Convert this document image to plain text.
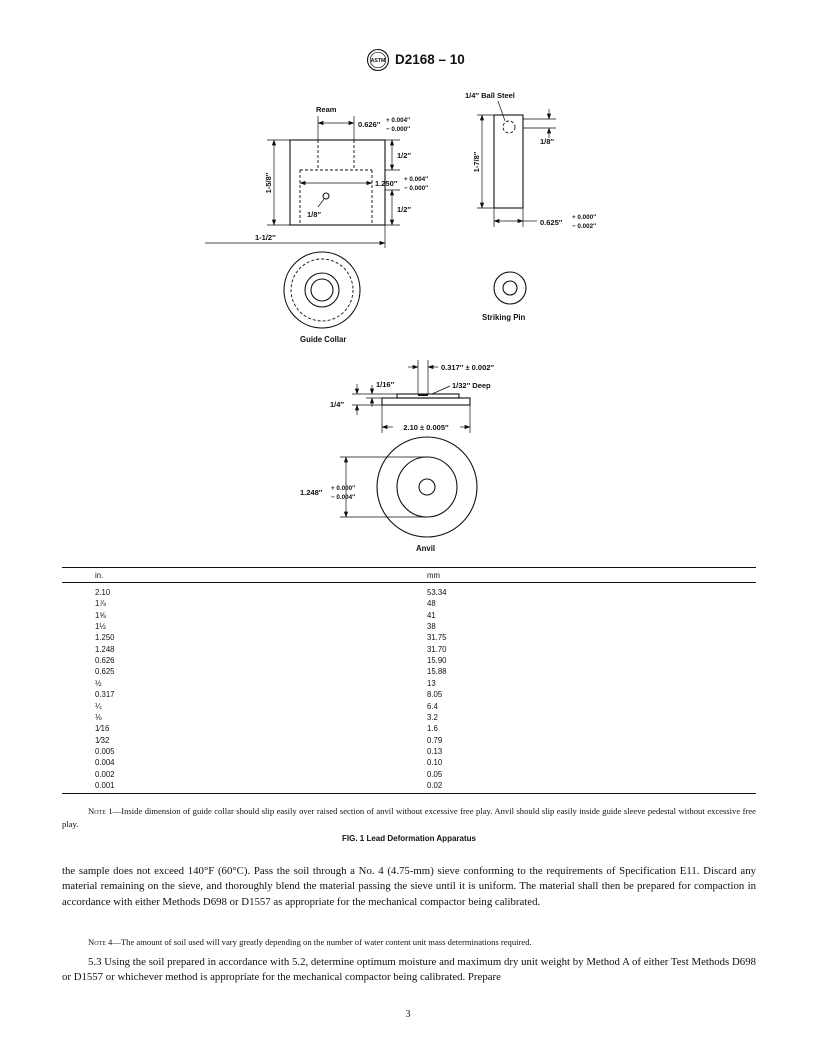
ASTM
Ream
0.626″ + 0.004″
− 0.000″
1/2″
1/2″
1.250″ + 0.004″
− 0.000″
1/8″
1-5/8″
1-1/2″
Guide Collar
1/4″ Ball Steel
1/8″
1-7/8″
0.625″
+ 0.000″
− 0.002″
Striking Pin
0.317″ ± 0.002″
1/32″ Deep
1/16″
1/4″
2.10 ± 0.005″
1.248″ + 0.000″
− 0.004″
Anvil
D2168 – 10
in.	mm
2.10	53.34
1⅞	48
1⅝	41
1½	38
1.250	31.75
1.248	31.70
0.626	15.90
0.625	15.88
½	13
0.317	8.05
¼	6.4
⅛	3.2
1⁄16	1.6
1⁄32	0.79
0.005	0.13
0.004	0.10
0.002	0.05
0.001	0.02
Note 1—Inside dimension of guide collar should slip easily over raised section of anvil without excessive free play. Anvil should slip easily inside guide sleeve pedestal without excessive free play.
FIG. 1 Lead Deformation Apparatus
the sample does not exceed 140°F (60°C). Pass the soil through a No. 4 (4.75-mm) sieve conforming to the requirements of Specification E11. Discard any material remaining on the sieve, and thoroughly blend the material passing the sieve until it is uniform. The material shall then be prepared for compaction in accordance with either Methods D698 or D1557 as appropriate for the mechanical compactor being calibrated.
Note 4—The amount of soil used will vary greatly depending on the number of water content unit mass determinations required.
5.3 Using the soil prepared in accordance with 5.2, determine optimum moisture and maximum dry unit weight by Method A of either Test Methods D698 or D1557 or whichever method is appropriate for the mechanical compactor being calibrated. Prepare
3
